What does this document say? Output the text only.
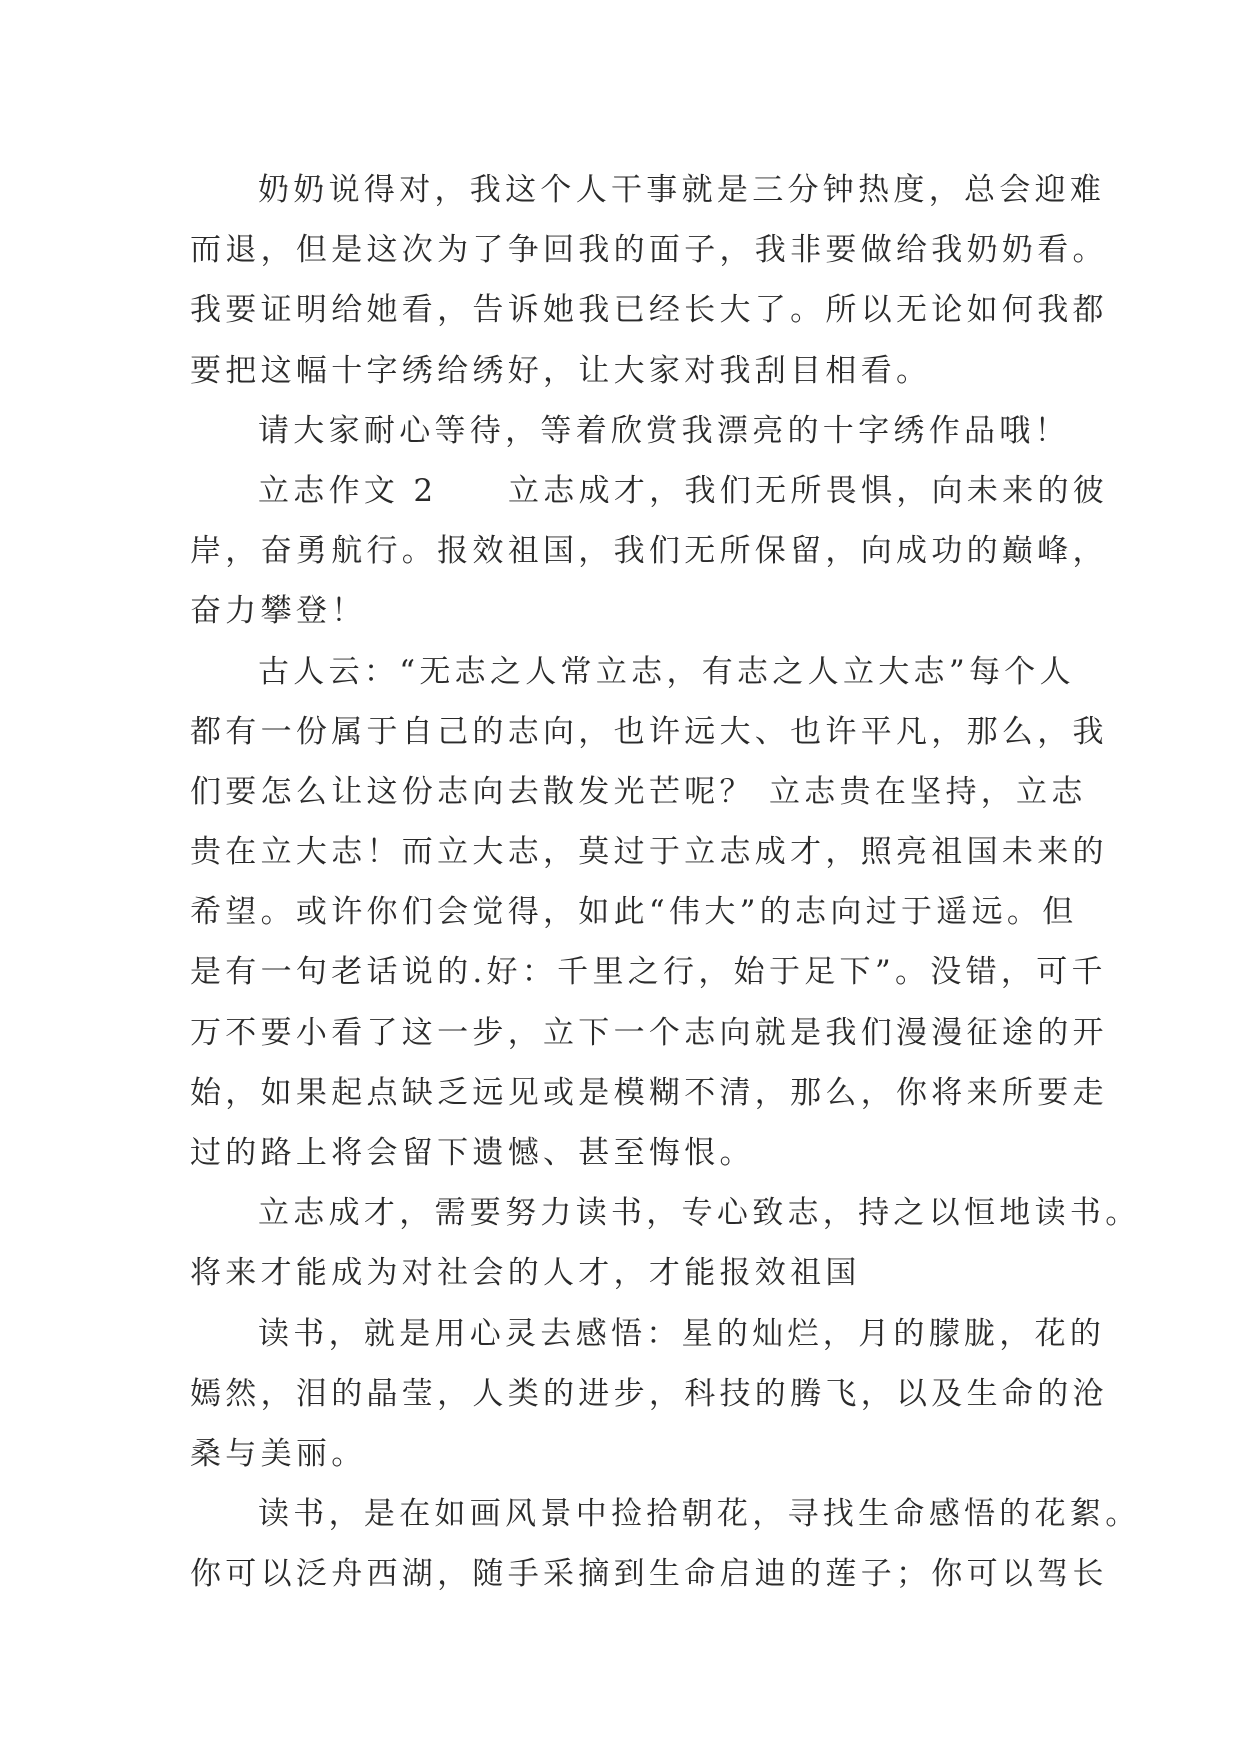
奶奶说得对，我这个人干事就是三分钟热度，总会迎难
而退，但是这次为了争回我的面子，我非要做给我奶奶看。
我要证明给她看，告诉她我已经长大了。所以无论如何我都
要把这幅十字绣给绣好，让大家对我刮目相看。
请大家耐心等待，等着欣赏我漂亮的十字绣作品哦！
立志作文 2　　立志成才，我们无所畏惧，向未来的彼
岸，奋勇航行。报效祖国，我们无所保留，向成功的巅峰，
奋力攀登！
古人云：“无志之人常立志，有志之人立大志”每个人
都有一份属于自己的志向，也许远大、也许平凡，那么，我
们要怎么让这份志向去散发光芒呢？ 立志贵在坚持，立志
贵在立大志！而立大志，莫过于立志成才，照亮祖国未来的
希望。或许你们会觉得，如此“伟大”的志向过于遥远。但
是有一句老话说的.好：千里之行，始于足下”。没错，可千
万不要小看了这一步，立下一个志向就是我们漫漫征途的开
始，如果起点缺乏远见或是模糊不清，那么，你将来所要走
过的路上将会留下遗憾、甚至悔恨。
立志成才，需要努力读书，专心致志，持之以恒地读书。
将来才能成为对社会的人才，才能报效祖国
读书，就是用心灵去感悟：星的灿烂，月的朦胧，花的
嫣然，泪的晶莹，人类的进步，科技的腾飞，以及生命的沧
桑与美丽。
读书，是在如画风景中捡拾朝花，寻找生命感悟的花絮。
你可以泛舟西湖，随手采摘到生命启迪的莲子；你可以驾长
